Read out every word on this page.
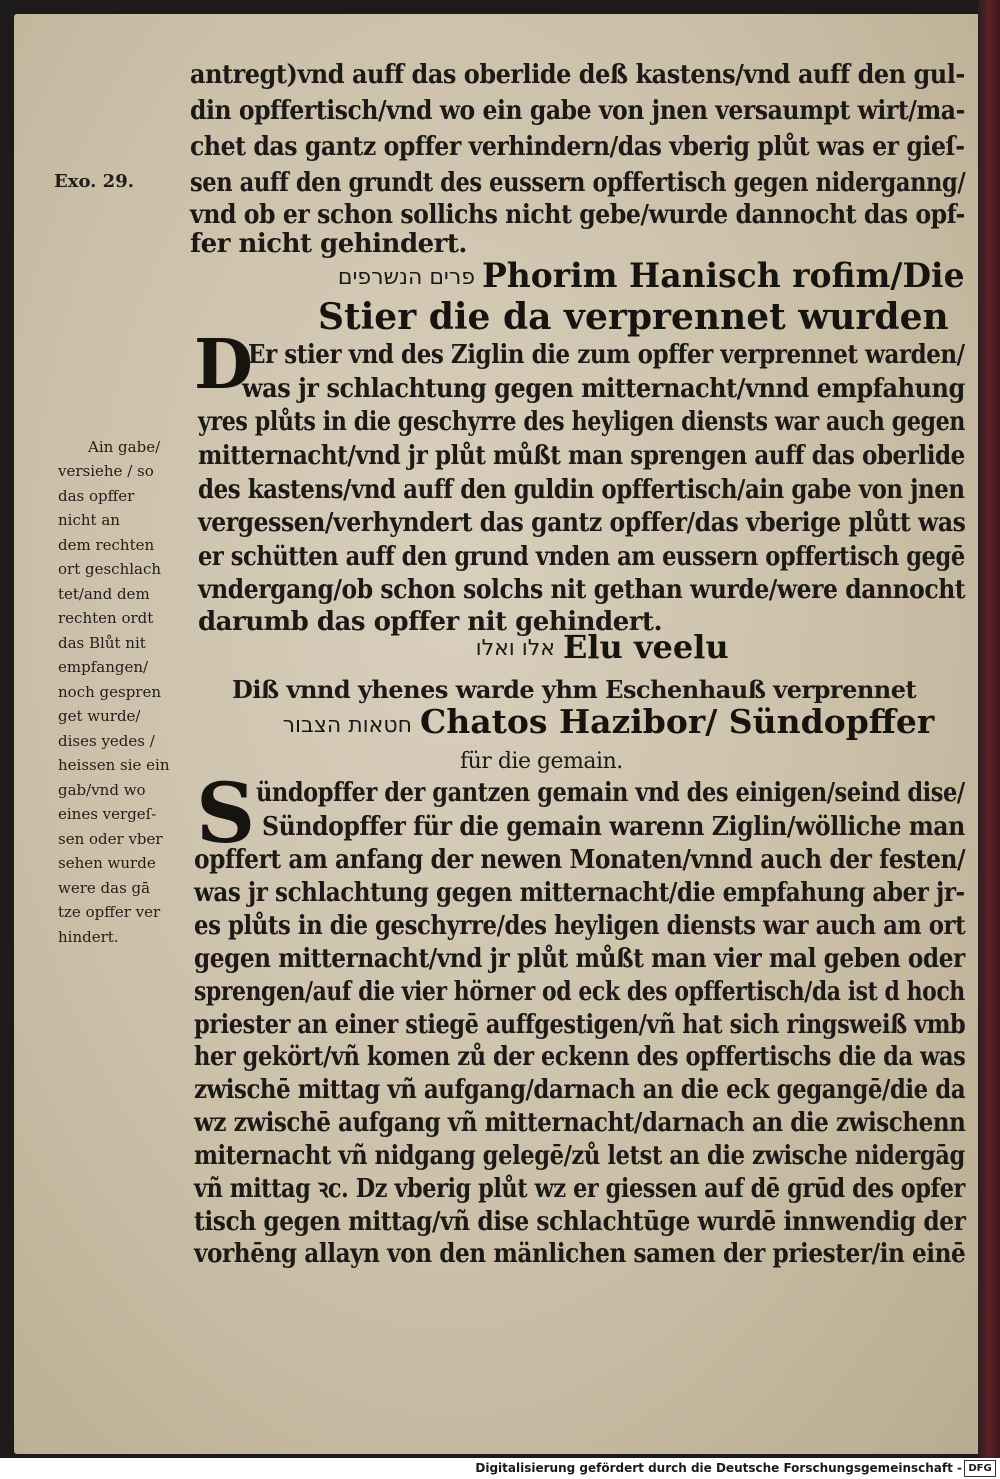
Exo. 29.
antregt)vnd auff das oberlide deß kastens/vnd auff den gul-
din opffertisch/vnd wo ein gabe von jnen versaumpt wirt/ma-
chet das gantz opffer verhindern/das vberig plůt was er gieſ-
sen auff den grundt des eussern opffertisch gegen niderganng/
vnd ob er schon sollichs nicht gebe/wurde dannocht das opf-
fer nicht gehindert.
פרים הנשרפים Phorim Hanisch rofim/Die
Stier die da verprennet wurden
D
Er stier vnd des Ziglin die zum opffer verprennet warden/
was jr schlachtung gegen mitternacht/vnnd empfahung
yres plůts in die geschyrre des heyligen diensts war auch gegen
mitternacht/vnd jr plůt můßt man sprengen auff das oberlide
des kastens/vnd auff den guldin opffertisch/ain gabe von jnen
vergessen/verhyndert das gantz opffer/das vberige plůtt was
er schütten auff den grund vnden am eussern opffertisch gegē
vndergang/ob schon solchs nit gethan wurde/were dannocht
darumb das opffer nit gehindert.
Ain gabe/
versiehe / so
das opffer
nicht an
dem rechten
ort geschlach
tet/and dem
rechten ordt
das Blůt nit
empfangen/
noch gespren
get wurde/
dises yedes /
heissen sie ein
gab/vnd wo
eines vergeſ-
sen oder vber
sehen wurde
were das gā
tze opffer ver
hindert.
אלו ואלו Elu veelu
Diß vnnd yhenes warde yhm Eschenhauß verprennet
חטאות הצבור Chatos Hazibor/ Sündopffer
für die gemain.
S ündopffer der gantzen gemain vnd des einigen/seind dise/
Sündopffer für die gemain warenn Ziglin/wölliche man
opffert am anfang der newen Monaten/vnnd auch der festen/
was jr schlachtung gegen mitternacht/die empfahung aber jr-
es plůts in die geschyrre/des heyligen diensts war auch am ort
gegen mitternacht/vnd jr plůt můßt man vier mal geben oder
sprengen/auf die vier hörner od eck des opffertisch/da ist d hoch
priester an einer stiegē auffgestigen/vñ hat sich ringsweiß vmb
her gekört/vñ komen zů der eckenn des opffertischs die da was
zwischē mittag vñ aufgang/darnach an die eck gegangē/die da
wz zwischē aufgang vñ mitternacht/darnach an die zwischenn
miternacht vñ nidgang gelegē/zů letst an die zwische nidergāg
vñ mittag ꝛc. Dz vberig plůt wz er giessen auf dē grūd des opfer
tisch gegen mittag/vñ dise schlachtūge wurdē innwendig der
vorhēng allayn von den mänlichen samen der priester/in einē
Digitalisierung gefördert durch die Deutsche Forschungsgemeinschaft - DFG
